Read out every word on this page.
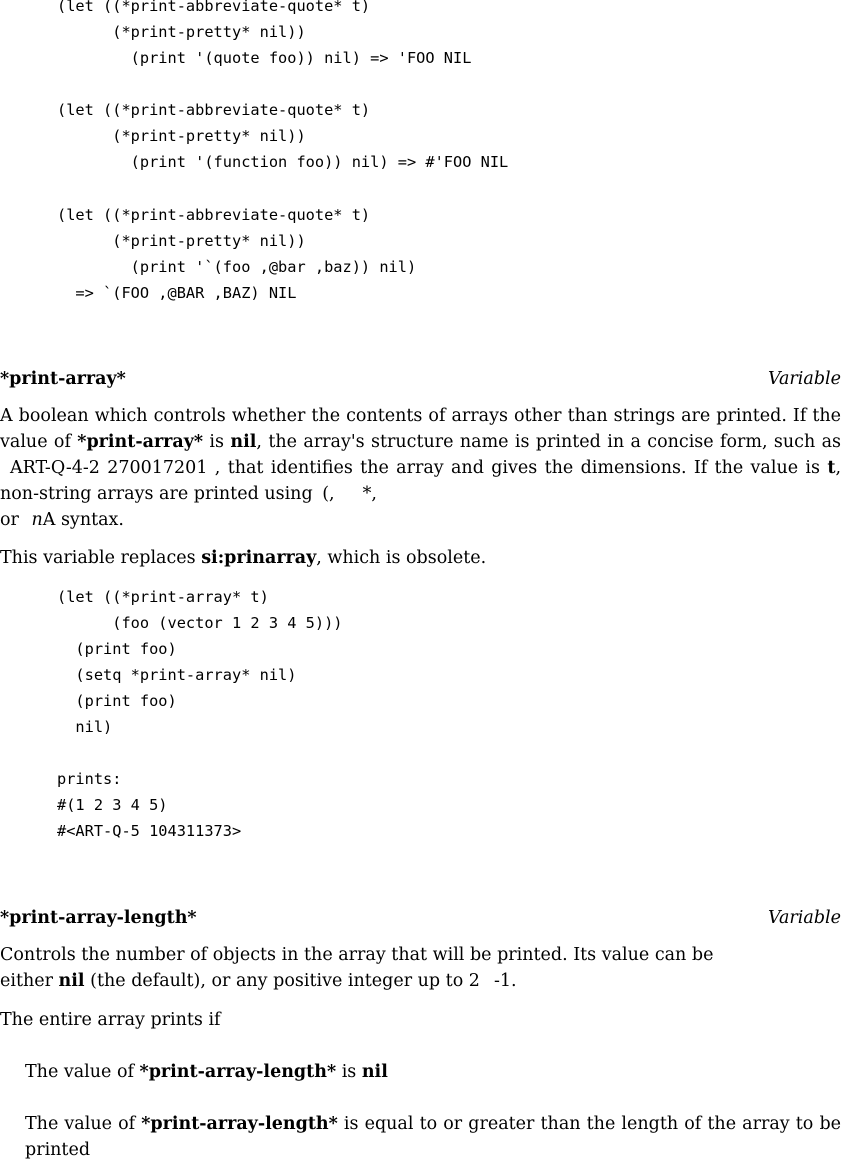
(let ((*print-abbreviate-quote* t)
(*print-pretty* nil))
(print '(quote foo)) nil) => 'FOO NIL
(let ((*print-abbreviate-quote* t)
(*print-pretty* nil))
(print '(function foo)) nil) => #'FOO NIL
(let ((*print-abbreviate-quote* t)
(*print-pretty* nil))
(print '`(foo ,@bar ,baz)) nil)
=> `(FOO ,@BAR ,BAZ) NIL
*print-array*	Variable

A boolean which controls whether the contents of arrays other than strings are printed. If the value of *print-array* is nil, the array's structure name is printed in a concise form, such as ART-Q-4-2 270017201 , that identifies the array and gives the dimensions. If the value is t, non-string arrays are printed using (, *,
or nA syntax.

This variable replaces si:prinarray, which is obsolete.

(let ((*print-array* t)
(foo (vector 1 2 3 4 5)))
(print foo)
(setq *print-array* nil)
(print foo)
nil)

prints:
#(1 2 3 4 5)
#<ART-Q-5 104311373>
*print-array-length*	Variable

Controls the number of objects in the array that will be printed. Its value can be
either nil (the default), or any positive integer up to 2 -1.

The entire array prints if

The value of *print-array-length* is nil

The value of *print-array-length* is equal to or greater than the length of the array to be printed
